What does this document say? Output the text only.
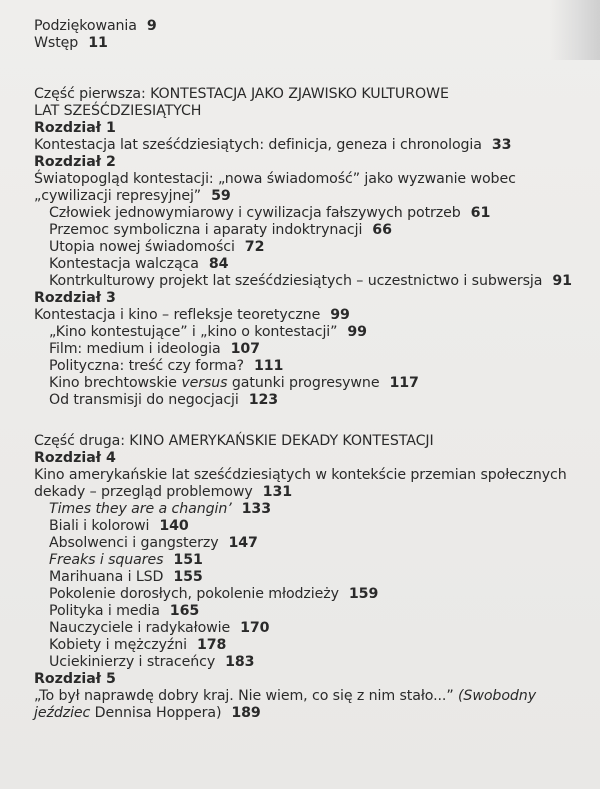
Podziękowania 9
Wstęp 11
Część pierwsza: KONTESTACJA JAKO ZJAWISKO KULTUROWE
LAT SZEŚĆDZIESIĄTYCH
Rozdział 1
Kontestacja lat sześćdziesiątych: definicja, geneza i chronologia 33
Rozdział 2
Światopogląd kontestacji: „nowa świadomość” jako wyzwanie wobec
„cywilizacji represyjnej” 59
Człowiek jednowymiarowy i cywilizacja fałszywych potrzeb 61
Przemoc symboliczna i aparaty indoktrynacji 66
Utopia nowej świadomości 72
Kontestacja walcząca 84
Kontrkulturowy projekt lat sześćdziesiątych – uczestnictwo i subwersja 91
Rozdział 3
Kontestacja i kino – refleksje teoretyczne 99
„Kino kontestujące” i „kino o kontestacji” 99
Film: medium i ideologia 107
Polityczna: treść czy forma? 111
Kino brechtowskie versus gatunki progresywne 117
Od transmisji do negocjacji 123
Część druga: KINO AMERYKAŃSKIE DEKADY KONTESTACJI
Rozdział 4
Kino amerykańskie lat sześćdziesiątych w kontekście przemian społecznych
dekady – przegląd problemowy 131
Times they are a changin’ 133
Biali i kolorowi 140
Absolwenci i gangsterzy 147
Freaks i squares 151
Marihuana i LSD 155
Pokolenie dorosłych, pokolenie młodzieży 159
Polityka i media 165
Nauczyciele i radykałowie 170
Kobiety i mężczyźni 178
Uciekinierzy i straceńcy 183
Rozdział 5
„To był naprawdę dobry kraj. Nie wiem, co się z nim stało...” (Swobodny
jeździec Dennisa Hoppera) 189
